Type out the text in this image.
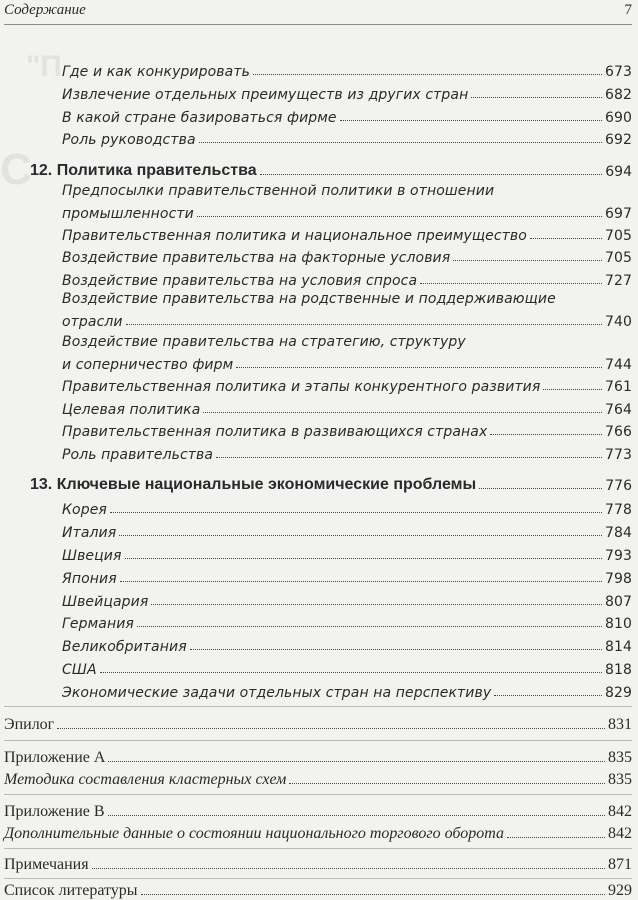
"П
C
Содержание	7
Где и как конкурировать	673
Извлечение отдельных преимуществ из других стран	682
В какой стране базироваться фирме	690
Роль руководства	692
12. Политика правительства	694
Предпосылки правительственной политики в отношении
промышленности	697
Правительственная политика и национальное преимущество	705
Воздействие правительства на факторные условия	705
Воздействие правительства на условия спроса	727
Воздействие правительства на родственные и поддерживающие
отрасли	740
Воздействие правительства на стратегию, структуру
и соперничество фирм	744
Правительственная политика и этапы конкурентного развития	761
Целевая политика	764
Правительственная политика в развивающихся странах	766
Роль правительства	773
13. Ключевые национальные экономические проблемы	776
Корея	778
Италия	784
Швеция	793
Япония	798
Швейцария	807
Германия	810
Великобритания	814
США	818
Экономические задачи отдельных стран на перспективу	829
Эпилог	831
Приложение А	835
Методика составления кластерных схем	835
Приложение В	842
Дополнительные данные о состоянии национального торгового оборота	842
Примечания	871
Список литературы	929
